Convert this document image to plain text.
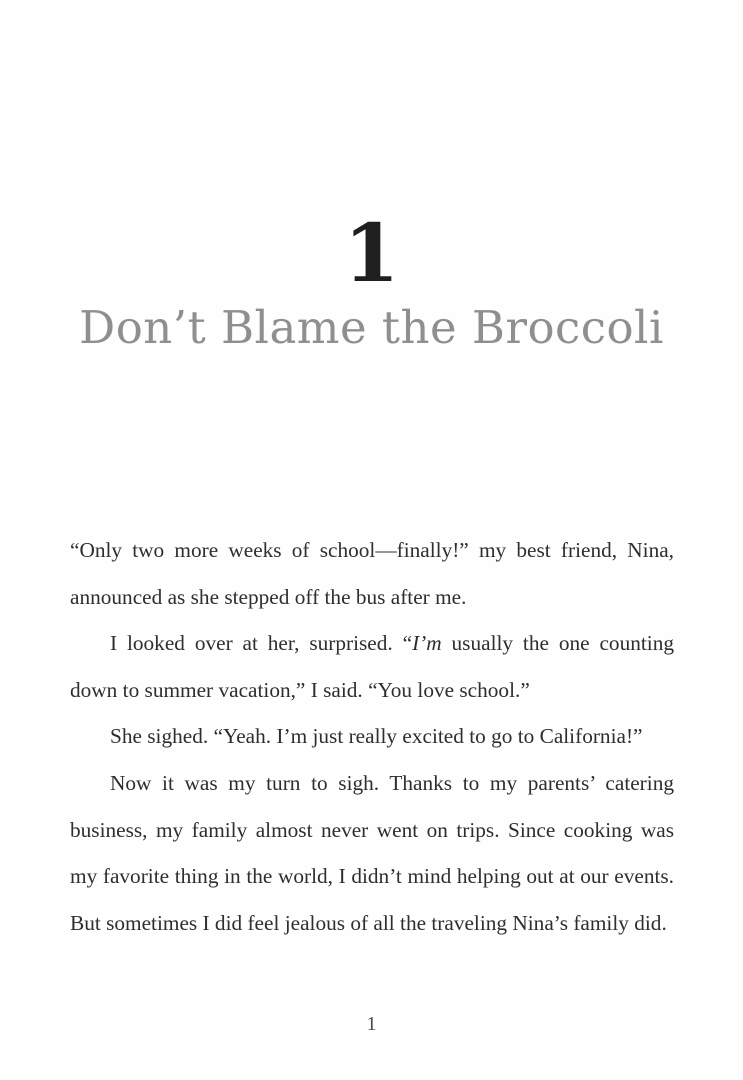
1
Don’t Blame the Broccoli

“Only two more weeks of school—finally!” my best friend, Nina, announced as she stepped off the bus after me.

I looked over at her, surprised. “I’m usually the one counting down to summer vacation,” I said. “You love school.”

She sighed. “Yeah. I’m just really excited to go to California!”

Now it was my turn to sigh. Thanks to my parents’ catering business, my family almost never went on trips. Since cooking was my favorite thing in the world, I didn’t mind helping out at our events. But sometimes I did feel jealous of all the traveling Nina’s family did.

1
